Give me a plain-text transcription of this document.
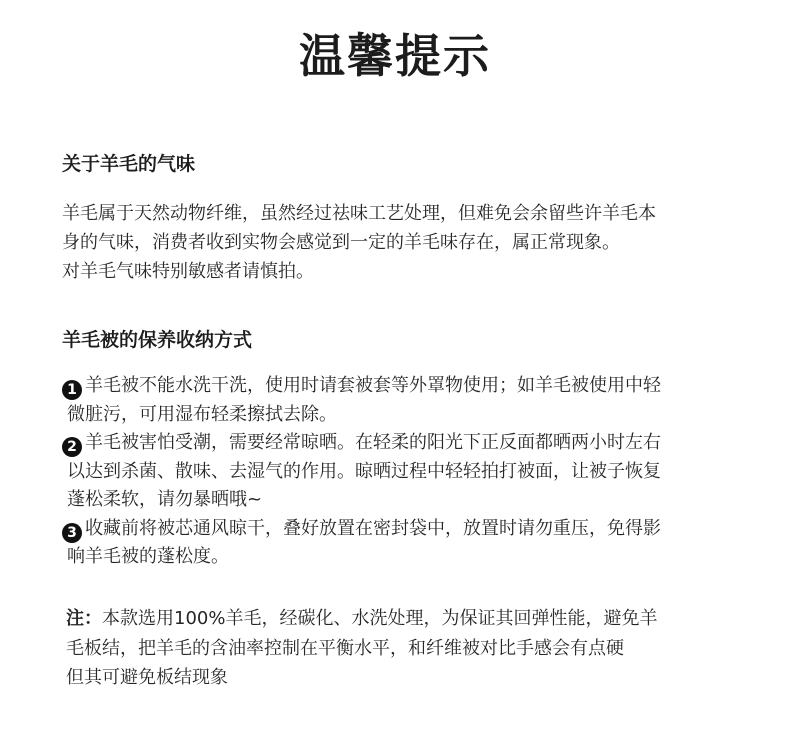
温馨提示
关于羊毛的气味
羊毛属于天然动物纤维，虽然经过祛味工艺处理，但难免会余留些许羊毛本
身的气味，消费者收到实物会感觉到一定的羊毛味存在，属正常现象。
对羊毛气味特别敏感者请慎拍。
羊毛被的保养收纳方式
1 羊毛被不能水洗干洗，使用时请套被套等外罩物使用；如羊毛被使用中轻
微脏污，可用湿布轻柔擦拭去除。
2 羊毛被害怕受潮，需要经常晾晒。在轻柔的阳光下正反面都晒两小时左右
以达到杀菌、散味、去湿气的作用。晾晒过程中轻轻拍打被面，让被子恢复
蓬松柔软，请勿暴晒哦~
3 收藏前将被芯通风晾干，叠好放置在密封袋中，放置时请勿重压，免得影
响羊毛被的蓬松度。
注：本款选用100%羊毛，经碳化、水洗处理，为保证其回弹性能，避免羊
毛板结，把羊毛的含油率控制在平衡水平，和纤维被对比手感会有点硬
但其可避免板结现象
